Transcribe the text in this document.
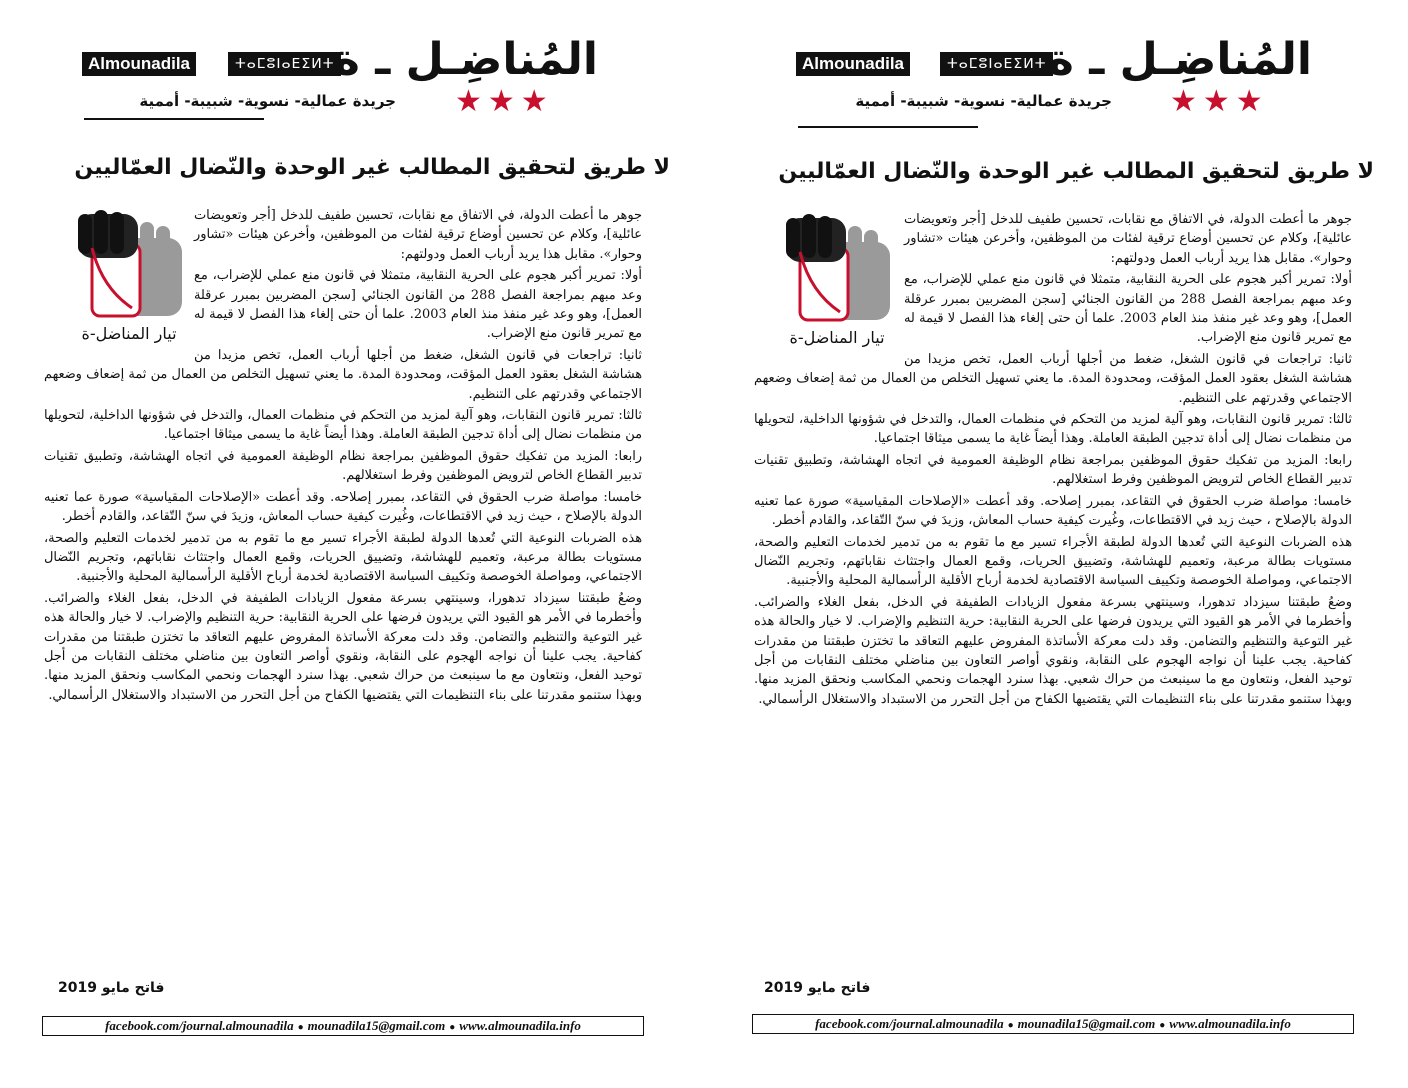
Almounadila	ⵜⴰⵎⵓⵏⴰⴹⵉⵍⵜ المُناضِـل ـ ة
جريدة عمالية- نسوية- شبيبة- أممية ★★★
لا طريق لتحقيق المطالب غير الوحدة والنّضال العمّاليين
تيار المناضل-ة

جوهر ما أعطت الدولة، في الاتفاق مع نقابات، تحسين طفيف للدخل [أجر وتعويضات عائلية]، وكلام عن تحسين أوضاع ترقية لفئات من الموظفين، وأخرعن هيئات «تشاور وحوار». مقابل هذا يريد أرباب العمل ودولتهم:

أولا: تمرير أكبر هجوم على الحرية النقابية، متمثلا في قانون منع عملي للإضراب، مع وعد مبهم بمراجعة الفصل 288 من القانون الجنائي [سجن المضربين بمبرر عرقلة العمل]، وهو وعد غير منفذ منذ العام 2003. علما أن حتى إلغاء هذا الفصل لا قيمة له مع تمرير قانون منع الإضراب.

ثانيا: تراجعات في قانون الشغل، ضغط من أجلها أرباب العمل، تخص مزيدا من هشاشة الشغل بعقود العمل المؤقت، ومحدودة المدة. ما يعني تسهيل التخلص من العمال من ثمة إضعاف وضعهم الاجتماعي وقدرتهم على التنظيم.

ثالثا: تمرير قانون النقابات، وهو آلية لمزيد من التحكم في منظمات العمال، والتدخل في شؤونها الداخلية، لتحويلها من منظمات نضال إلى أداة تدجين الطبقة العاملة. وهذا أيضاً غاية ما يسمى ميثاقا اجتماعيا.

رابعا: المزيد من تفكيك حقوق الموظفين بمراجعة نظام الوظيفة العمومية في اتجاه الهشاشة، وتطبيق تقنيات تدبير القطاع الخاص لترويض الموظفين وفرط استغلالهم.

خامسا: مواصلة ضرب الحقوق في التقاعد، بمبرر إصلاحه. وقد أعطت «الإصلاحات المقياسية» صورة عما تعنيه الدولة بالإصلاح ، حيث زيد في الاقتطاعات، وغُيرت كيفية حساب المعاش، وزيدَ في سنّ التّقاعد، والقادم أخطر.

هذه الضربات النوعية التي تُعدها الدولة لطبقة الأجراء تسير مع ما تقوم به من تدمير لخدمات التعليم والصحة، مستويات بطالة مرعبة، وتعميم للهشاشة، وتضييق الحريات، وقمع العمال واجتثاث نقاباتهم، وتجريم النّضال الاجتماعي، ومواصلة الخوصصة وتكييف السياسة الاقتصادية لخدمة أرباح الأقلية الرأسمالية المحلية والأجنبية.

وضعُ طبقتنا سيزداد تدهورا، وسينتهي بسرعة مفعول الزيادات الطفيفة في الدخل، بفعل الغلاء والضرائب. وأخطرما في الأمر هو القيود التي يريدون فرضها على الحرية النقابية: حرية التنظيم والإضراب. لا خيار والحالة هذه غير التوعية والتنظيم والتضامن. وقد دلت معركة الأساتذة المفروض عليهم التعاقد ما تختزن طبقتنا من مقدرات كفاحية. يجب علينا أن نواجه الهجوم على النقابة، ونقوي أواصر التعاون بين مناضلي مختلف النقابات من أجل توحيد الفعل، ونتعاون مع ما سينبعث من حراك شعبي. بهذا سنرد الهجمات ونحمي المكاسب ونحقق المزيد منها. وبهذا ستنمو مقدرتنا على بناء التنظيمات التي يقتضيها الكفاح من أجل التحرر من الاستبداد والاستغلال الرأسمالي.

فاتح مايو 2019
facebook.com/journal.almounadila ● mounadila15@gmail.com ● www.almounadila.info
Almounadila	ⵜⴰⵎⵓⵏⴰⴹⵉⵍⵜ المُناضِـل ـ ة
جريدة عمالية- نسوية- شبيبة- أممية ★★★
لا طريق لتحقيق المطالب غير الوحدة والنّضال العمّاليين
تيار المناضل-ة

جوهر ما أعطت الدولة، في الاتفاق مع نقابات، تحسين طفيف للدخل [أجر وتعويضات عائلية]، وكلام عن تحسين أوضاع ترقية لفئات من الموظفين، وأخرعن هيئات «تشاور وحوار». مقابل هذا يريد أرباب العمل ودولتهم:

أولا: تمرير أكبر هجوم على الحرية النقابية، متمثلا في قانون منع عملي للإضراب، مع وعد مبهم بمراجعة الفصل 288 من القانون الجنائي [سجن المضربين بمبرر عرقلة العمل]، وهو وعد غير منفذ منذ العام 2003. علما أن حتى إلغاء هذا الفصل لا قيمة له مع تمرير قانون منع الإضراب.

ثانيا: تراجعات في قانون الشغل، ضغط من أجلها أرباب العمل، تخص مزيدا من هشاشة الشغل بعقود العمل المؤقت، ومحدودة المدة. ما يعني تسهيل التخلص من العمال من ثمة إضعاف وضعهم الاجتماعي وقدرتهم على التنظيم.

ثالثا: تمرير قانون النقابات، وهو آلية لمزيد من التحكم في منظمات العمال، والتدخل في شؤونها الداخلية، لتحويلها من منظمات نضال إلى أداة تدجين الطبقة العاملة. وهذا أيضاً غاية ما يسمى ميثاقا اجتماعيا.

رابعا: المزيد من تفكيك حقوق الموظفين بمراجعة نظام الوظيفة العمومية في اتجاه الهشاشة، وتطبيق تقنيات تدبير القطاع الخاص لترويض الموظفين وفرط استغلالهم.

خامسا: مواصلة ضرب الحقوق في التقاعد، بمبرر إصلاحه. وقد أعطت «الإصلاحات المقياسية» صورة عما تعنيه الدولة بالإصلاح ، حيث زيد في الاقتطاعات، وغُيرت كيفية حساب المعاش، وزيدَ في سنّ التّقاعد، والقادم أخطر.

هذه الضربات النوعية التي تُعدها الدولة لطبقة الأجراء تسير مع ما تقوم به من تدمير لخدمات التعليم والصحة، مستويات بطالة مرعبة، وتعميم للهشاشة، وتضييق الحريات، وقمع العمال واجتثاث نقاباتهم، وتجريم النّضال الاجتماعي، ومواصلة الخوصصة وتكييف السياسة الاقتصادية لخدمة أرباح الأقلية الرأسمالية المحلية والأجنبية.

وضعُ طبقتنا سيزداد تدهورا، وسينتهي بسرعة مفعول الزيادات الطفيفة في الدخل، بفعل الغلاء والضرائب. وأخطرما في الأمر هو القيود التي يريدون فرضها على الحرية النقابية: حرية التنظيم والإضراب. لا خيار والحالة هذه غير التوعية والتنظيم والتضامن. وقد دلت معركة الأساتذة المفروض عليهم التعاقد ما تختزن طبقتنا من مقدرات كفاحية. يجب علينا أن نواجه الهجوم على النقابة، ونقوي أواصر التعاون بين مناضلي مختلف النقابات من أجل توحيد الفعل، ونتعاون مع ما سينبعث من حراك شعبي. بهذا سنرد الهجمات ونحمي المكاسب ونحقق المزيد منها. وبهذا ستنمو مقدرتنا على بناء التنظيمات التي يقتضيها الكفاح من أجل التحرر من الاستبداد والاستغلال الرأسمالي.

فاتح مايو 2019
facebook.com/journal.almounadila ● mounadila15@gmail.com ● www.almounadila.info
